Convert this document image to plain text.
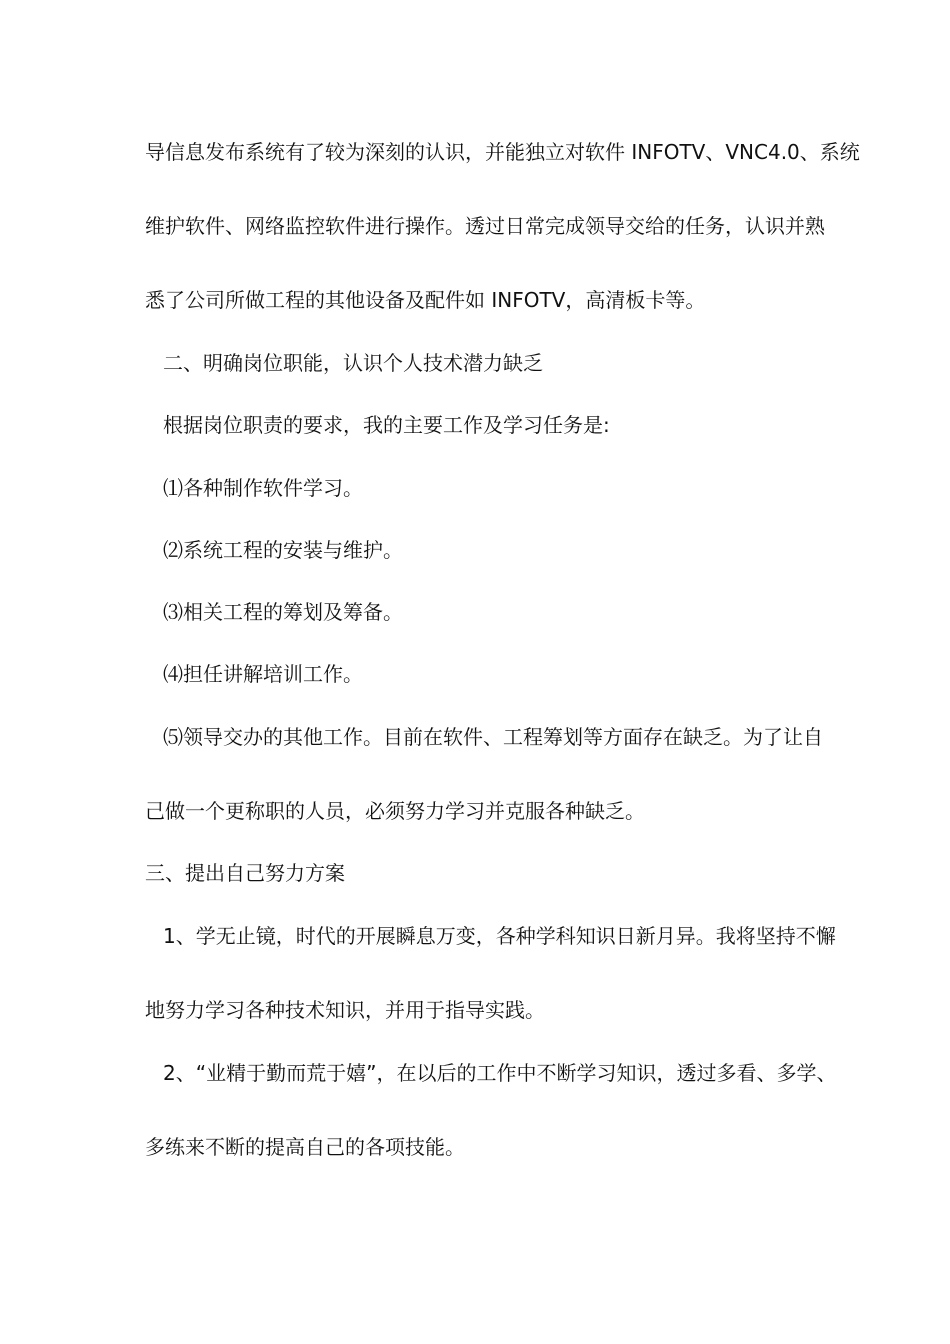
导信息发布系统有了较为深刻的认识，并能独立对软件 INFOTV、VNC4.0、系统
维护软件、网络监控软件进行操作。透过日常完成领导交给的任务，认识并熟
悉了公司所做工程的其他设备及配件如 INFOTV，高清板卡等。
二、明确岗位职能，认识个人技术潜力缺乏
根据岗位职责的要求，我的主要工作及学习任务是:
⑴各种制作软件学习。
⑵系统工程的安装与维护。
⑶相关工程的筹划及筹备。
⑷担任讲解培训工作。
⑸领导交办的其他工作。目前在软件、工程筹划等方面存在缺乏。为了让自
己做一个更称职的人员，必须努力学习并克服各种缺乏。
三、提出自己努力方案
1、学无止镜，时代的开展瞬息万变，各种学科知识日新月异。我将坚持不懈
地努力学习各种技术知识，并用于指导实践。
2、“业精于勤而荒于嬉”，在以后的工作中不断学习知识，透过多看、多学、
多练来不断的提高自己的各项技能。
